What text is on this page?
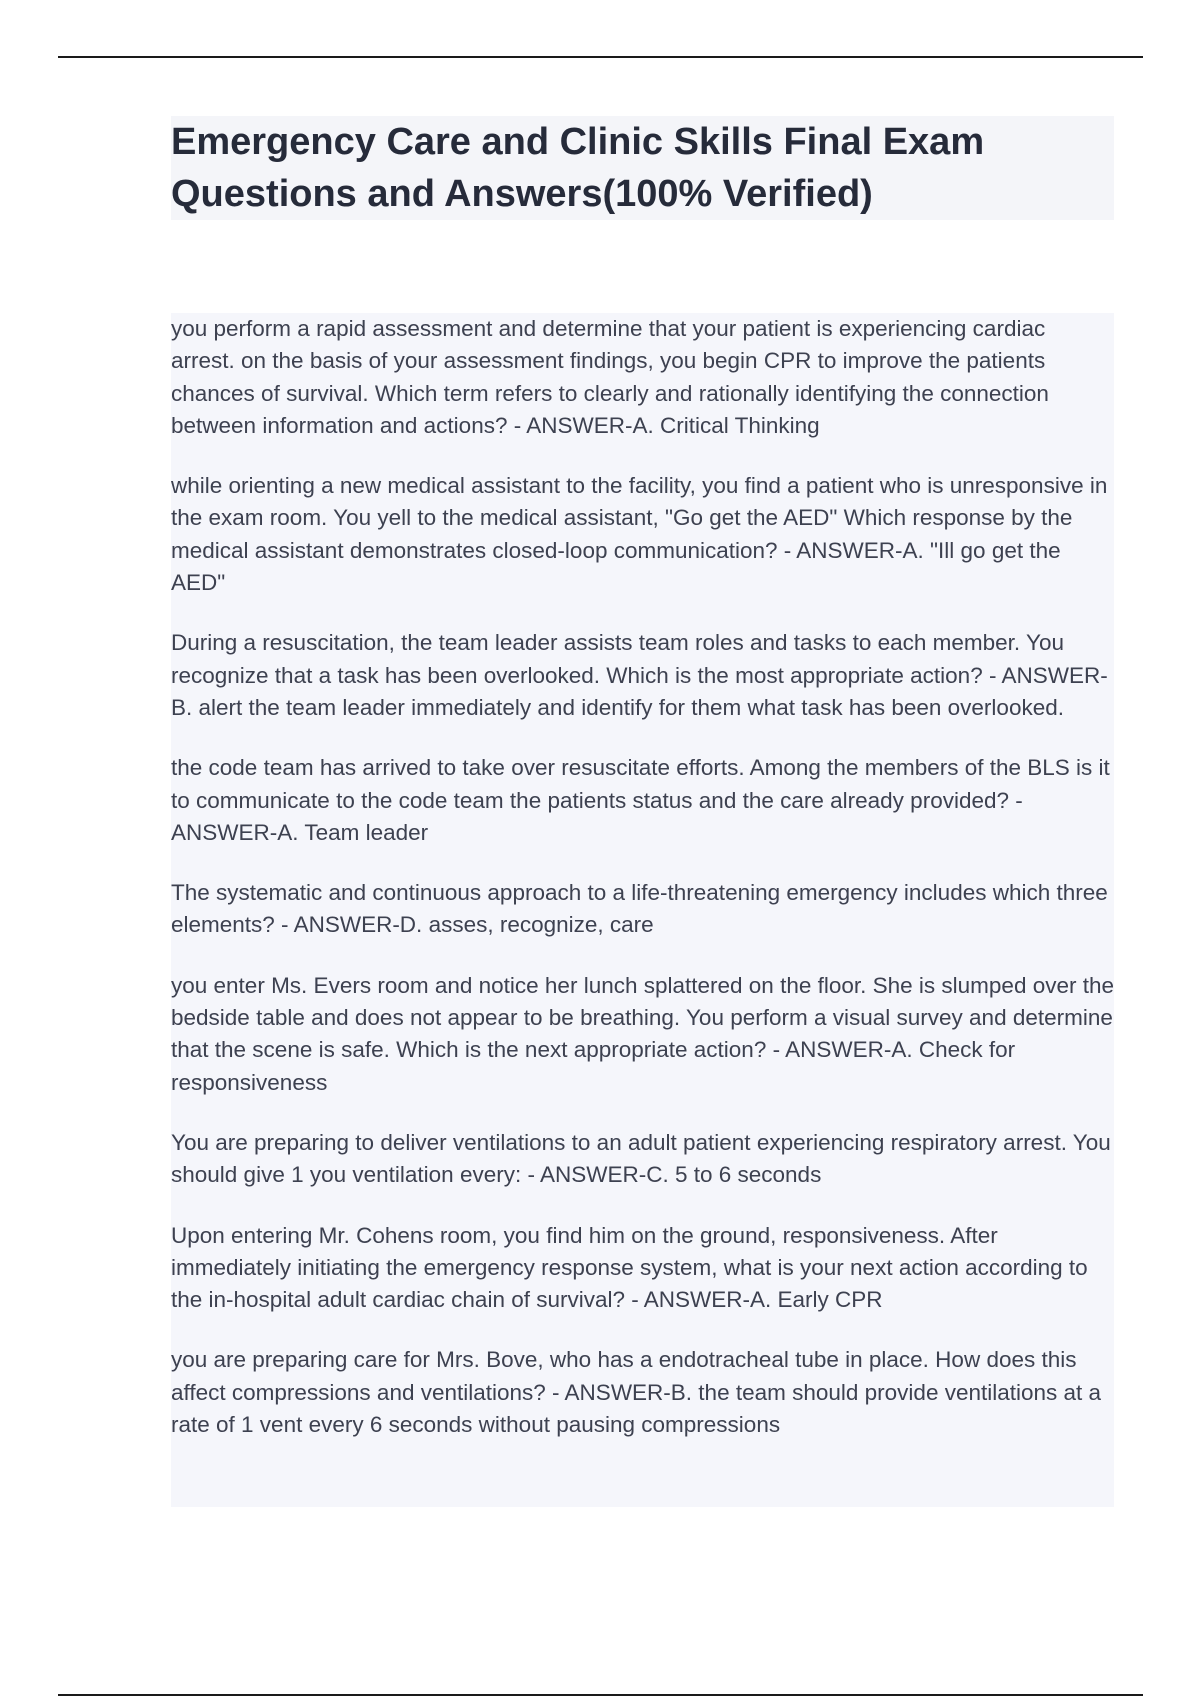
Emergency Care and Clinic Skills Final Exam Questions and Answers(100% Verified)

you perform a rapid assessment and determine that your patient is experiencing cardiac arrest. on the basis of your assessment findings, you begin CPR to improve the patients chances of survival. Which term refers to clearly and rationally identifying the connection between information and actions? - ANSWER-A. Critical Thinking

while orienting a new medical assistant to the facility, you find a patient who is unresponsive in the exam room. You yell to the medical assistant, "Go get the AED" Which response by the medical assistant demonstrates closed-loop communication? - ANSWER-A. "Ill go get the AED"

During a resuscitation, the team leader assists team roles and tasks to each member. You recognize that a task has been overlooked. Which is the most appropriate action? - ANSWER-B. alert the team leader immediately and identify for them what task has been overlooked.

the code team has arrived to take over resuscitate efforts. Among the members of the BLS is it to communicate to the code team the patients status and the care already provided? - ANSWER-A. Team leader

The systematic and continuous approach to a life-threatening emergency includes which three elements? - ANSWER-D. asses, recognize, care

you enter Ms. Evers room and notice her lunch splattered on the floor. She is slumped over the bedside table and does not appear to be breathing. You perform a visual survey and determine that the scene is safe. Which is the next appropriate action? - ANSWER-A. Check for responsiveness

You are preparing to deliver ventilations to an adult patient experiencing respiratory arrest. You should give 1 you ventilation every: - ANSWER-C. 5 to 6 seconds

Upon entering Mr. Cohens room, you find him on the ground, responsiveness. After immediately initiating the emergency response system, what is your next action according to the in-hospital adult cardiac chain of survival? - ANSWER-A. Early CPR

you are preparing care for Mrs. Bove, who has a endotracheal tube in place. How does this affect compressions and ventilations? - ANSWER-B. the team should provide ventilations at a rate of 1 vent every 6 seconds without pausing compressions
